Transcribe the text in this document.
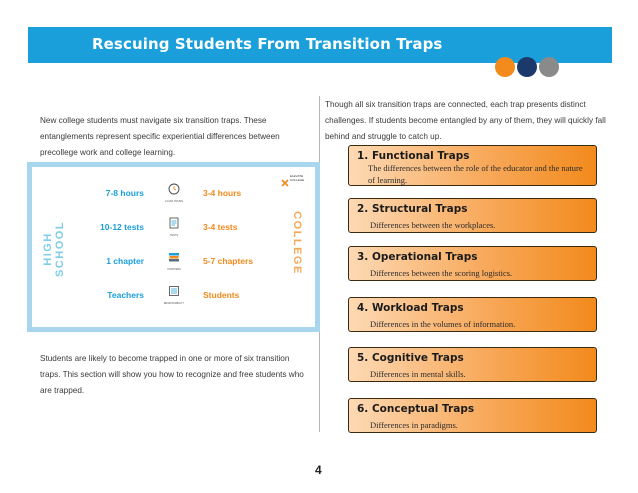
Rescuing Students From Transition Traps
New college students must navigate six transition traps. These entanglements represent specific experiential differences between precollege work and college learning.
HIGH SCHOOL	COLLEGE
ELEVATE
COLLEGE
7-8 hours
CLASS HOURS
3-4 hours
10-12 tests
TESTS
3-4 tests
1 chapter
CHAPTERS
5-7 chapters
Teachers
RESPONSIBILITY
Students
Students are likely to become trapped in one or more of six transition traps. This section will show you how to recognize and free students who are trapped.
Though all six transition traps are connected, each trap presents distinct challenges. If students become entangled by any of them, they will quickly fall behind and struggle to catch up.
1. Functional Traps
The differences between the role of the educator and the nature of learning.
2. Structural Traps
Differences between the workplaces.
3. Operational Traps
Differences between the scoring logistics.
4. Workload Traps
Differences in the volumes of information.
5. Cognitive Traps
Differences in mental skills.
6. Conceptual Traps
Differences in paradigms.
4
